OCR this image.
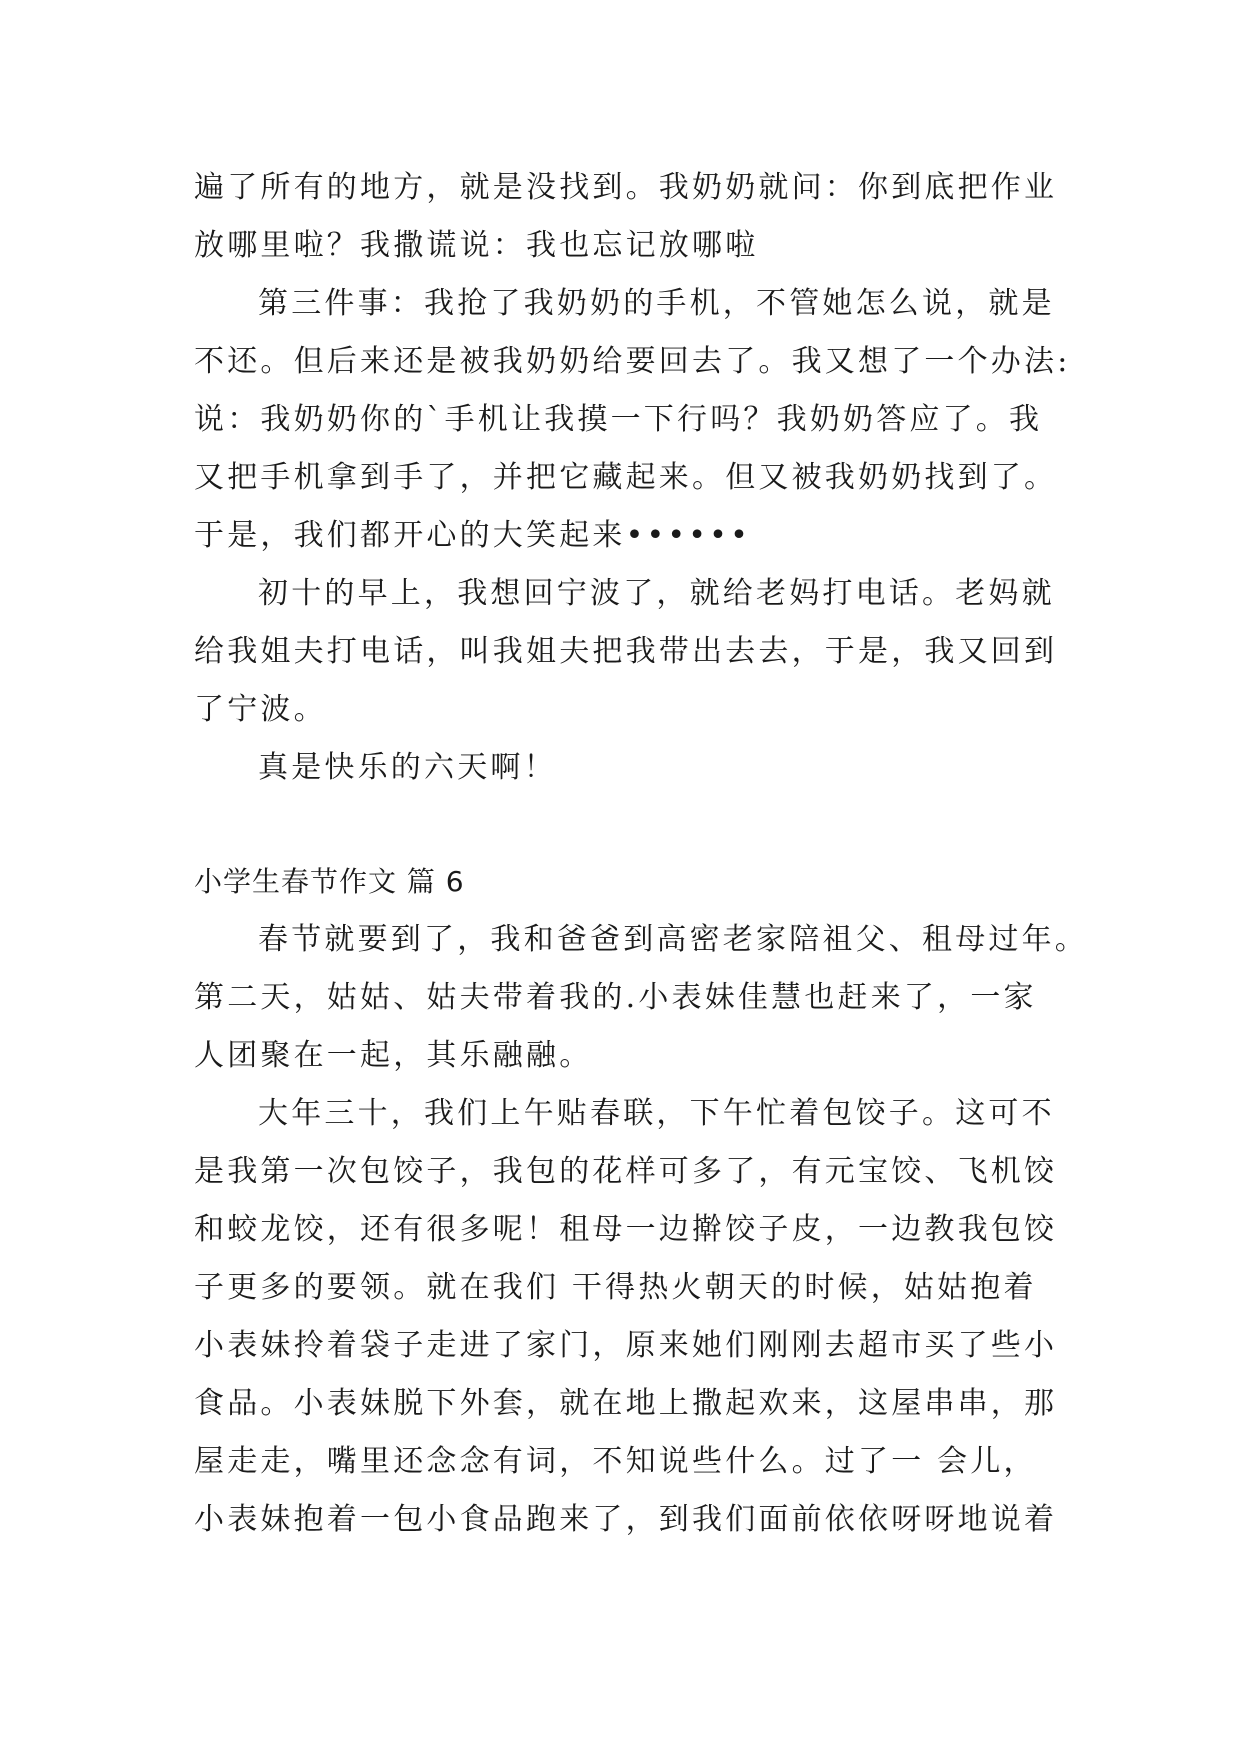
遍了所有的地方，就是没找到。我奶奶就问：你到底把作业
放哪里啦？我撒谎说：我也忘记放哪啦
第三件事：我抢了我奶奶的手机，不管她怎么说，就是
不还。但后来还是被我奶奶给要回去了。我又想了一个办法:
说：我奶奶你的`手机让我摸一下行吗？我奶奶答应了。我
又把手机拿到手了，并把它藏起来。但又被我奶奶找到了。
于是，我们都开心的大笑起来••••••
初十的早上，我想回宁波了，就给老妈打电话。老妈就
给我姐夫打电话，叫我姐夫把我带出去去，于是，我又回到
了宁波。
真是快乐的六天啊！
小学生春节作文 篇 6
春节就要到了，我和爸爸到高密老家陪祖父、租母过年。
第二天，姑姑、姑夫带着我的.小表妹佳慧也赶来了，一家
人团聚在一起，其乐融融。
大年三十，我们上午贴春联，下午忙着包饺子。这可不
是我第一次包饺子，我包的花样可多了，有元宝饺、飞机饺
和蛟龙饺，还有很多呢！租母一边擀饺子皮，一边教我包饺
子更多的要领。就在我们 干得热火朝天的时候，姑姑抱着
小表妹拎着袋子走进了家门，原来她们刚刚去超市买了些小
食品。小表妹脱下外套，就在地上撒起欢来，这屋串串，那
屋走走，嘴里还念念有词，不知说些什么。过了一 会儿，
小表妹抱着一包小食品跑来了，到我们面前依依呀呀地说着
